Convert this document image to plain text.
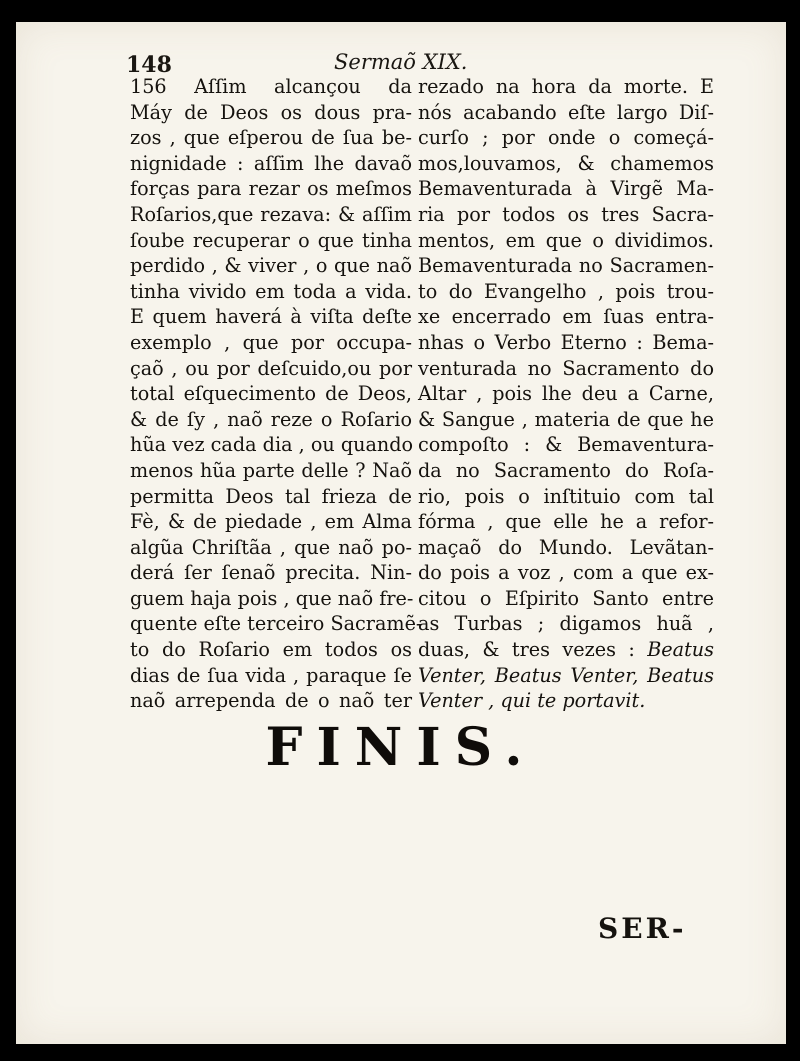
148	Sermaõ XIX.
156 Aſſim alcançou da
Máy de Deos os dous pra-
zos , que eſperou de ſua be-
nignidade : aſſim lhe davaõ
forças para rezar os meſmos
Roſarios,que rezava: & aſſim
ſoube recuperar o que tinha
perdido , & viver , o que naõ
tinha vivido em toda a vida.
E quem haverá à viſta deſte
exemplo , que por occupa-
çaõ , ou por deſcuido,ou por
total eſquecimento de Deos,
& de ſy , naõ reze o Roſario
hũa vez cada dia , ou quando
menos hũa parte delle ? Naõ
permitta Deos tal frieza de
Fè, & de piedade , em Alma
algũa Chriſtãa , que naõ po-
derá ſer ſenaõ precita. Nin-
guem haja pois , que naõ fre-
quente eſte terceiro Sacramẽ-
to do Roſario em todos os
dias de ſua vida , paraque ſe
naõ arrependa de o naõ ter
rezado na hora da morte. E
nós acabando eſte largo Diſ-
curſo ; por onde o começá-
mos,louvamos, & chamemos
Bemaventurada à Virgẽ Ma-
ria por todos os tres Sacra-
mentos, em que o dividimos.
Bemaventurada no Sacramen-
to do Evangelho , pois trou-
xe encerrado em ſuas entra-
nhas o Verbo Eterno : Bema-
venturada no Sacramento do
Altar , pois lhe deu a Carne,
& Sangue , materia de que he
compoſto : & Bemaventura-
da no Sacramento do Roſa-
rio, pois o inſtituio com tal
fórma , que elle he a refor-
maçaõ do Mundo. Levãtan-
do pois a voz , com a que ex-
citou o Eſpirito Santo entre
as Turbas ; digamos huã ,
duas, & tres vezes : Beatus
Venter, Beatus Venter, Beatus
Venter , qui te portavit.
FINIS.
SER-
